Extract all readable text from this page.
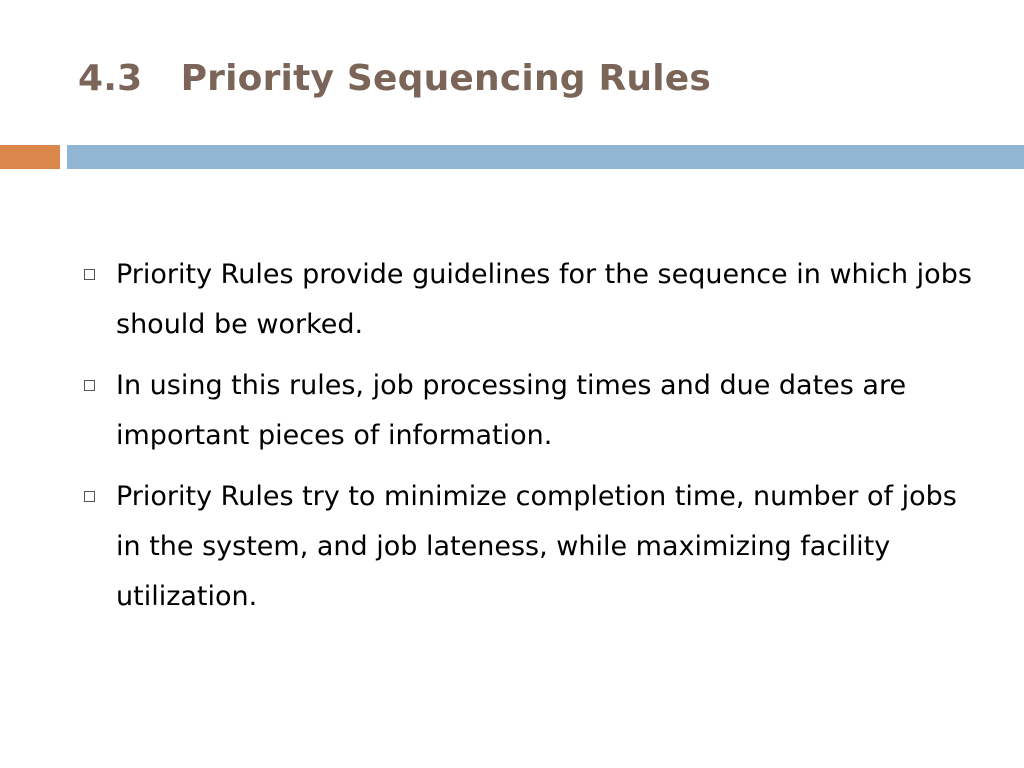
4.3   Priority Sequencing Rules
Priority Rules provide guidelines for the sequence in which jobs should be worked.
In using this rules, job processing times and due dates are important pieces of information.
Priority Rules try to minimize completion time, number of jobs in the system, and job lateness, while maximizing facility utilization.
